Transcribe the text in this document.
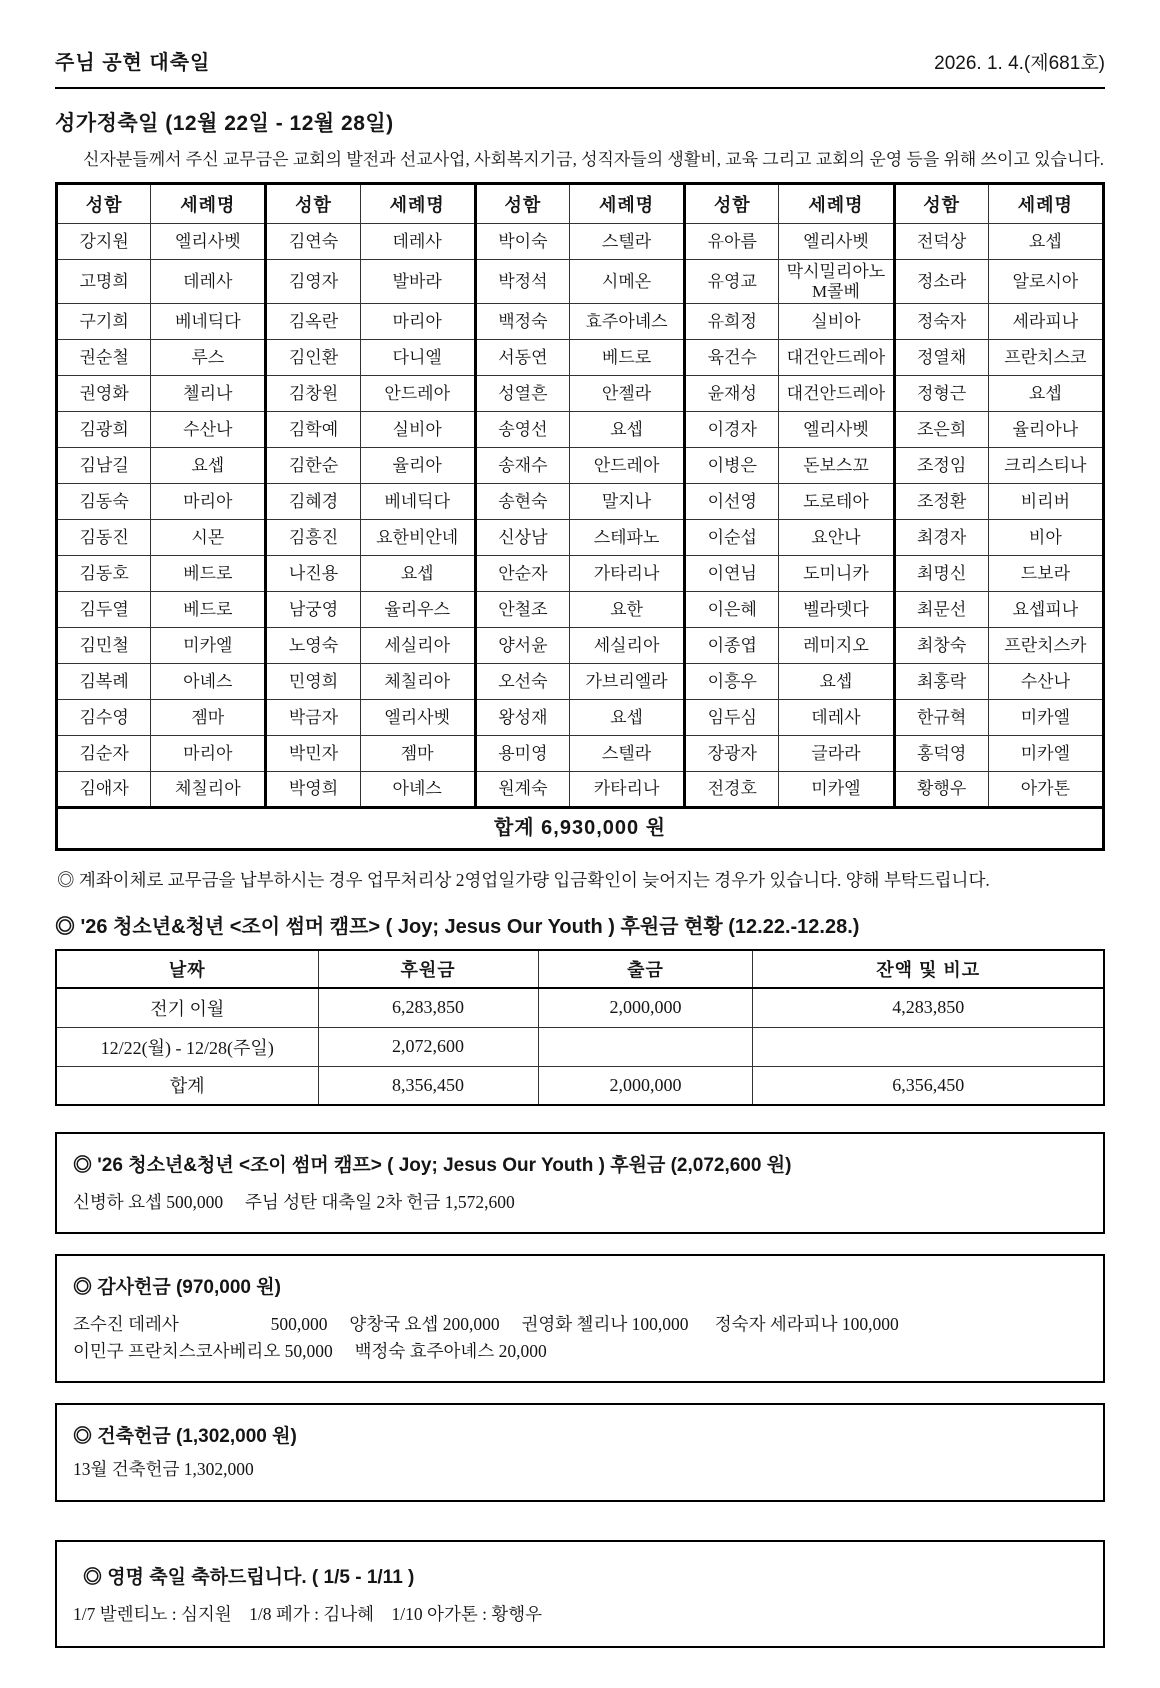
주님 공현 대축일	2026. 1. 4.(제681호)
성가정축일 (12월 22일 - 12월 28일)

신자분들께서 주신 교무금은 교회의 발전과 선교사업, 사회복지기금, 성직자들의 생활비, 교육 그리고 교회의 운영 등을 위해 쓰이고 있습니다.

성함	세례명	성함	세례명	성함	세례명	성함	세례명	성함	세례명
강지원	엘리사벳	김연숙	데레사	박이숙	스텔라	유아름	엘리사벳	전덕상	요셉
고명희	데레사	김영자	발바라	박정석	시메온	유영교	막시밀리아노M콜베	정소라	알로시아
구기희	베네딕다	김옥란	마리아	백정숙	효주아녜스	유희정	실비아	정숙자	세라피나
권순철	루스	김인환	다니엘	서동연	베드로	육건수	대건안드레아	정열채	프란치스코
권영화	첼리나	김창원	안드레아	성열흔	안젤라	윤재성	대건안드레아	정형근	요셉
김광희	수산나	김학예	실비아	송영선	요셉	이경자	엘리사벳	조은희	율리아나
김남길	요셉	김한순	율리아	송재수	안드레아	이병은	돈보스꼬	조정임	크리스티나
김동숙	마리아	김혜경	베네딕다	송현숙	말지나	이선영	도로테아	조정환	비리버
김동진	시몬	김흥진	요한비안네	신상남	스테파노	이순섭	요안나	최경자	비아
김동호	베드로	나진용	요셉	안순자	가타리나	이연님	도미니카	최명신	드보라
김두열	베드로	남궁영	율리우스	안철조	요한	이은혜	벨라뎃다	최문선	요셉피나
김민철	미카엘	노영숙	세실리아	양서윤	세실리아	이종엽	레미지오	최창숙	프란치스카
김복례	아녜스	민영희	체칠리아	오선숙	가브리엘라	이흥우	요셉	최홍락	수산나
김수영	젬마	박금자	엘리사벳	왕성재	요셉	임두심	데레사	한규혁	미카엘
김순자	마리아	박민자	젬마	용미영	스텔라	장광자	글라라	홍덕영	미카엘
김애자	체칠리아	박영희	아녜스	원계숙	카타리나	전경호	미카엘	황행우	아가톤
합계 6,930,000 원									

◎ 계좌이체로 교무금을 납부하시는 경우 업무처리상 2영업일가량 입금확인이 늦어지는 경우가 있습니다. 양해 부탁드립니다.

◎ '26 청소년&청년 <조이 썸머 캠프> ( Joy; Jesus Our Youth ) 후원금 현황 (12.22.-12.28.)
날짜	후원금	출금	잔액 및 비고
전기 이월	6,283,850	2,000,000	4,283,850
12/22(월) - 12/28(주일)	2,072,600		
합계	8,356,450	2,000,000	6,356,450
◎ '26 청소년&청년 <조이 썸머 캠프> ( Joy; Jesus Our Youth ) 후원금 (2,072,600 원)
신병하 요셉 500,000     주님 성탄 대축일 2차 헌금 1,572,600
◎ 감사헌금 (970,000 원)
조수진 데레사                     500,000     양창국 요셉 200,000     권영화 첼리나 100,000      정숙자 세라피나 100,000
이민구 프란치스코사베리오 50,000     백정숙 효주아녜스 20,000
◎ 건축헌금 (1,302,000 원)
13월 건축헌금 1,302,000
◎ 영명 축일 축하드립니다. ( 1/5 - 1/11 )
1/7 발렌티노 : 심지원    1/8 페가 : 김나혜    1/10 아가톤 : 황행우
